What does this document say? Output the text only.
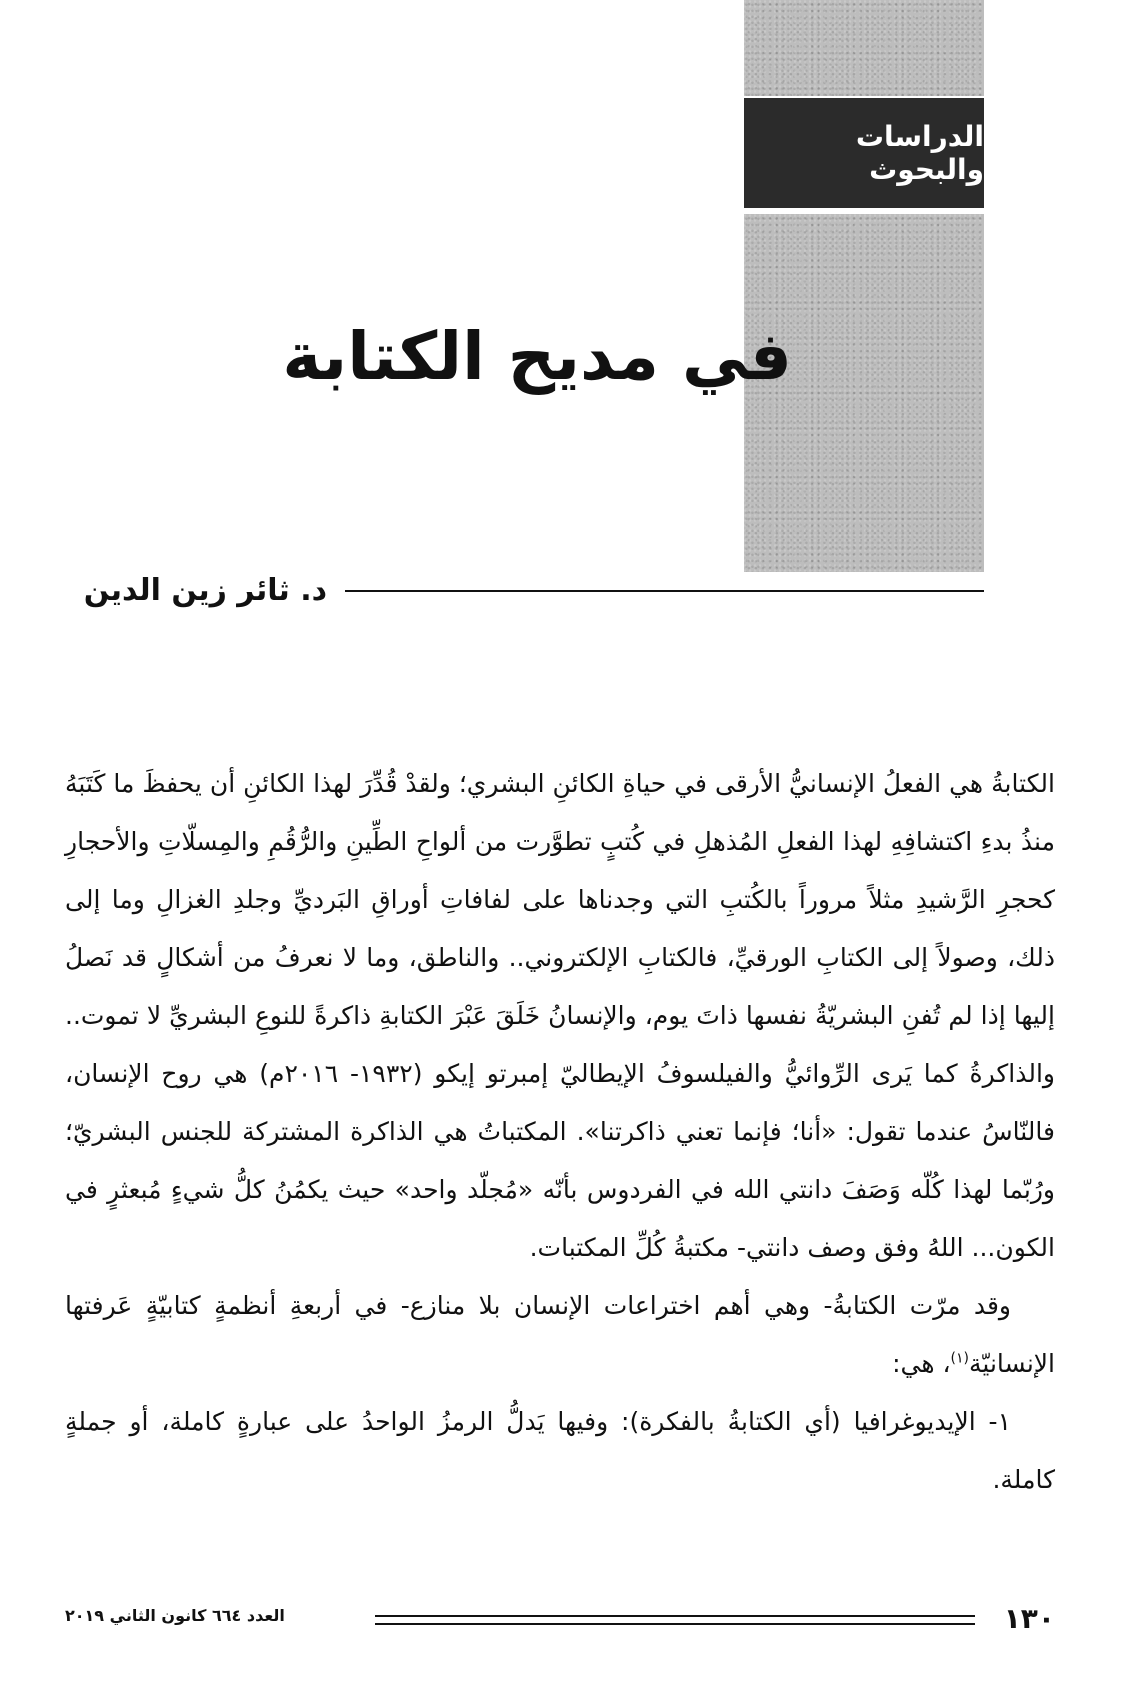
الدراسات والبحوث
في مديح الكتابة
د. ثائر زين الدين

الكتابةُ هي الفعلُ الإنسانيُّ الأرقى في حياةِ الكائنِ البشري؛ ولقدْ قُدِّرَ لهذا الكائنِ أن يحفظَ ما كَتَبَهُ منذُ بدءِ اكتشافِهِ لهذا الفعلِ المُذهلِ في كُتبٍ تطوَّرت من ألواحِ الطِّينِ والرُّقُمِ والمِسلّاتِ والأحجارِ كحجرِ الرَّشيدِ مثلاً مروراً بالكُتبِ التي وجدناها على لفافاتِ أوراقِ البَرديِّ وجلدِ الغزالِ وما إلى ذلك، وصولاً إلى الكتابِ الورقيِّ، فالكتابِ الإلكتروني.. والناطق، وما لا نعرفُ من أشكالٍ قد نَصلُ إليها إذا لم تُفنِ البشريّةُ نفسها ذاتَ يوم، والإنسانُ خَلَقَ عَبْرَ الكتابةِ ذاكرةً للنوعِ البشريِّ لا تموت.. والذاكرةُ كما يَرى الرِّوائيُّ والفيلسوفُ الإيطاليّ إمبرتو إيكو (١٩٣٢- ٢٠١٦م) هي روح الإنسان، فالنّاسُ عندما تقول: «أنا؛ فإنما تعني ذاكرتنا». المكتباتُ هي الذاكرة المشتركة للجنس البشريّ؛ ورُبّما لهذا كُلّه وَصَفَ دانتي الله في الفردوس بأنّه «مُجلّد واحد» حيث يكمُنُ كلُّ شيءٍ مُبعثرٍ في الكون... اللهُ وفق وصف دانتي- مكتبةُ كُلِّ المكتبات.

وقد مرّت الكتابةُ- وهي أهم اختراعات الإنسان بلا منازع- في أربعةِ أنظمةٍ كتابيّةٍ عَرفتها الإنسانيّة$^{(١)}$، هي:

١- الإيديوغرافيا (أي الكتابةُ بالفكرة): وفيها يَدلُّ الرمزُ الواحدُ على عبارةٍ كاملة، أو جملةٍ كاملة.

١٣٠
العدد ٦٦٤ كانون الثاني ٢٠١٩
